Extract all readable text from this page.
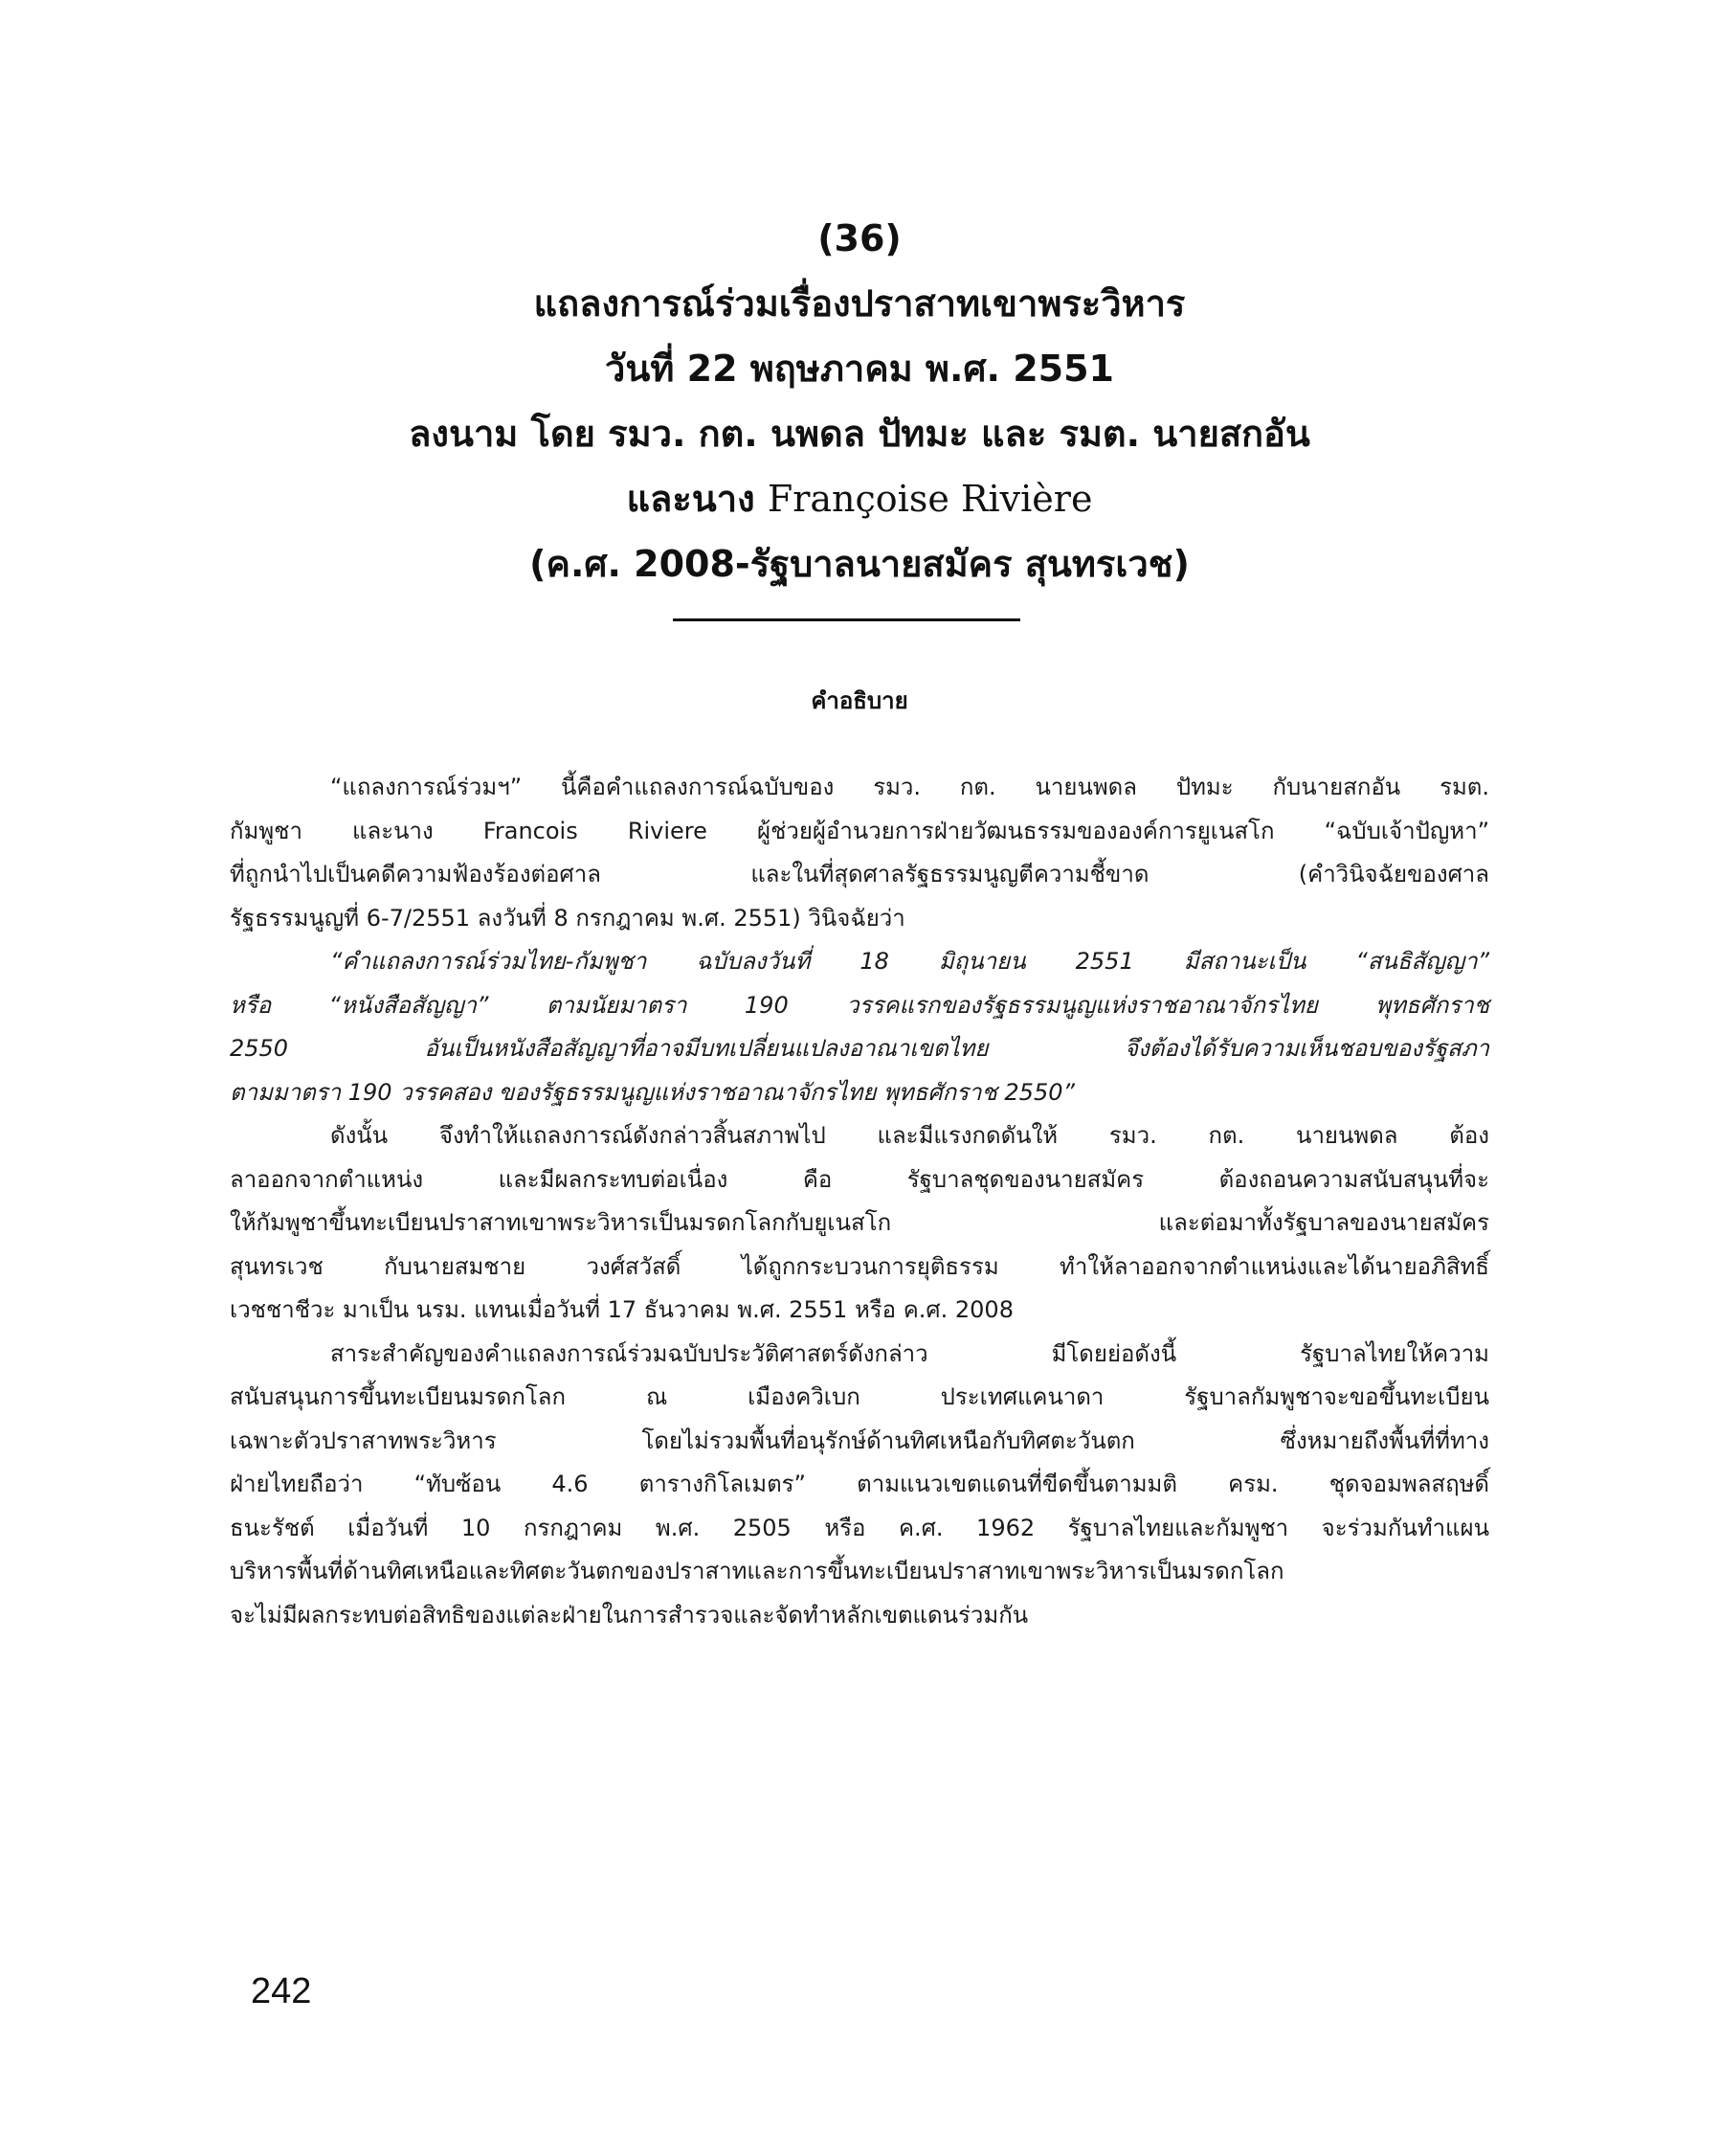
(36)
แถลงการณ์ร่วมเรื่องปราสาทเขาพระวิหาร
วันที่ 22 พฤษภาคม พ.ศ. 2551
ลงนาม โดย รมว. กต. นพดล ปัทมะ และ รมต. นายสกอัน
และนาง Françoise Rivière
(ค.ศ. 2008-รัฐบาลนายสมัคร สุนทรเวช)
คำอธิบาย
“แถลงการณ์ร่วมฯ” นี้คือคำแถลงการณ์ฉบับของ รมว. กต. นายนพดล ปัทมะ กับนายสกอัน รมต.
กัมพูชา และนาง Francois Riviere ผู้ช่วยผู้อำนวยการฝ่ายวัฒนธรรมขององค์การยูเนสโก “ฉบับเจ้าปัญหา”
ที่ถูกนำไปเป็นคดีความฟ้องร้องต่อศาล และในที่สุดศาลรัฐธรรมนูญตีความชี้ขาด (คำวินิจฉัยของศาล
รัฐธรรมนูญที่ 6-7/2551 ลงวันที่ 8 กรกฎาคม พ.ศ. 2551) วินิจฉัยว่า
“คำแถลงการณ์ร่วมไทย-กัมพูชา ฉบับลงวันที่ 18 มิถุนายน 2551 มีสถานะเป็น “สนธิสัญญา”
หรือ “หนังสือสัญญา” ตามนัยมาตรา 190 วรรคแรกของรัฐธรรมนูญแห่งราชอาณาจักรไทย พุทธศักราช
2550 อันเป็นหนังสือสัญญาที่อาจมีบทเปลี่ยนแปลงอาณาเขตไทย จึงต้องได้รับความเห็นชอบของรัฐสภา
ตามมาตรา 190 วรรคสอง ของรัฐธรรมนูญแห่งราชอาณาจักรไทย พุทธศักราช 2550”
ดังนั้น จึงทำให้แถลงการณ์ดังกล่าวสิ้นสภาพไป และมีแรงกดดันให้ รมว. กต. นายนพดล ต้อง
ลาออกจากตำแหน่ง และมีผลกระทบต่อเนื่อง คือ รัฐบาลชุดของนายสมัคร ต้องถอนความสนับสนุนที่จะ
ให้กัมพูชาขึ้นทะเบียนปราสาทเขาพระวิหารเป็นมรดกโลกกับยูเนสโก และต่อมาทั้งรัฐบาลของนายสมัคร
สุนทรเวช กับนายสมชาย วงศ์สวัสดิ์ ได้ถูกกระบวนการยุติธรรม ทำให้ลาออกจากตำแหน่งและได้นายอภิสิทธิ์
เวชชาชีวะ มาเป็น นรม. แทนเมื่อวันที่ 17 ธันวาคม พ.ศ. 2551 หรือ ค.ศ. 2008
สาระสำคัญของคำแถลงการณ์ร่วมฉบับประวัติศาสตร์ดังกล่าว มีโดยย่อดังนี้ รัฐบาลไทยให้ความ
สนับสนุนการขึ้นทะเบียนมรดกโลก ณ เมืองควิเบก ประเทศแคนาดา รัฐบาลกัมพูชาจะขอขึ้นทะเบียน
เฉพาะตัวปราสาทพระวิหาร โดยไม่รวมพื้นที่อนุรักษ์ด้านทิศเหนือกับทิศตะวันตก ซึ่งหมายถึงพื้นที่ที่ทาง
ฝ่ายไทยถือว่า “ทับซ้อน 4.6 ตารางกิโลเมตร” ตามแนวเขตแดนที่ขีดขึ้นตามมติ ครม. ชุดจอมพลสฤษดิ์
ธนะรัชต์ เมื่อวันที่ 10 กรกฎาคม พ.ศ. 2505 หรือ ค.ศ. 1962 รัฐบาลไทยและกัมพูชา จะร่วมกันทำแผน
บริหารพื้นที่ด้านทิศเหนือและทิศตะวันตกของปราสาทและการขึ้นทะเบียนปราสาทเขาพระวิหารเป็นมรดกโลก
จะไม่มีผลกระทบต่อสิทธิของแต่ละฝ่ายในการสำรวจและจัดทำหลักเขตแดนร่วมกัน
242
